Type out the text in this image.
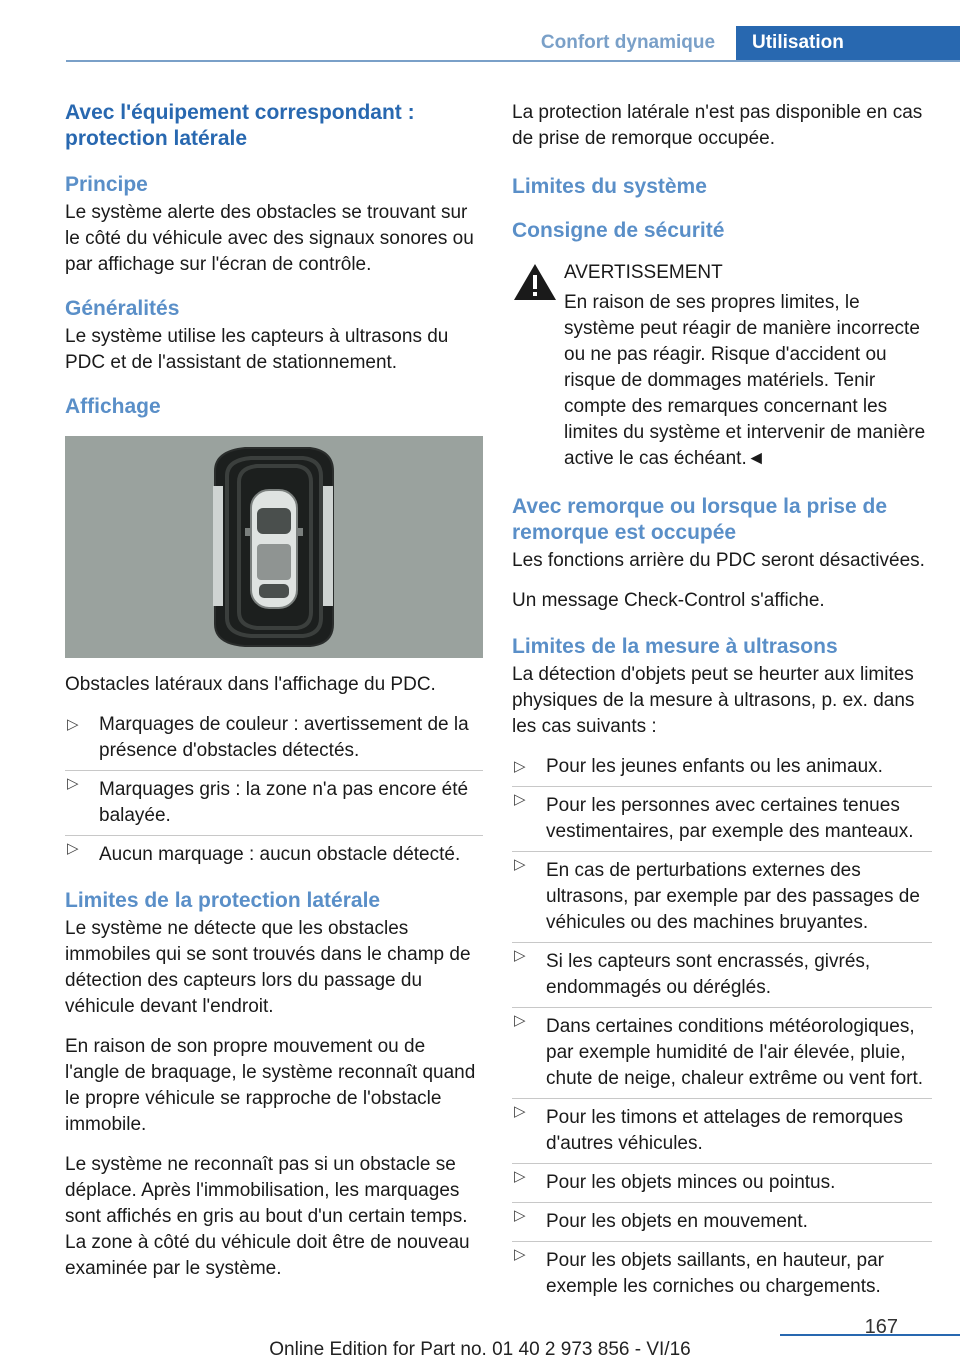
Confort dynamique	Utilisation
Avec l'équipement correspondant : protection latérale
Principe

Le système alerte des obstacles se trouvant sur le côté du véhicule avec des signaux sonores ou par affichage sur l'écran de contrôle.

Généralités

Le système utilise les capteurs à ultrasons du PDC et de l'assistant de stationnement.

Affichage

Obstacles latéraux dans l'affichage du PDC.

▷ Marquages de couleur : avertissement de la présence d'obstacles détectés.
▷ Marquages gris : la zone n'a pas encore été balayée.
▷ Aucun marquage : aucun obstacle détecté.
Limites de la protection latérale

Le système ne détecte que les obstacles immobiles qui se sont trouvés dans le champ de détection des capteurs lors du passage du véhicule devant l'endroit.

En raison de son propre mouvement ou de l'angle de braquage, le système reconnaît quand le propre véhicule se rapproche de l'obstacle immobile.

Le système ne reconnaît pas si un obstacle se déplace. Après l'immobilisation, les marquages sont affichés en gris au bout d'un certain temps. La zone à côté du véhicule doit être de nouveau examinée par le système.

La protection latérale n'est pas disponible en cas de prise de remorque occupée.

Limites du système
Consigne de sécurité
AVERTISSEMENT
En raison de ses propres limites, le système peut réagir de manière incorrecte ou ne pas réagir. Risque d'accident ou risque de dommages matériels. Tenir compte des remarques concernant les limites du système et intervenir de manière active le cas échéant.◄
Avec remorque ou lorsque la prise de remorque est occupée

Les fonctions arrière du PDC seront désactivées.

Un message Check-Control s'affiche.

Limites de la mesure à ultrasons

La détection d'objets peut se heurter aux limites physiques de la mesure à ultrasons, p. ex. dans les cas suivants :

▷ Pour les jeunes enfants ou les animaux.
▷ Pour les personnes avec certaines tenues vestimentaires, par exemple des manteaux.
▷ En cas de perturbations externes des ultrasons, par exemple par des passages de véhicules ou des machines bruyantes.
▷ Si les capteurs sont encrassés, givrés, endommagés ou déréglés.
▷ Dans certaines conditions météorologiques, par exemple humidité de l'air élevée, pluie, chute de neige, chaleur extrême ou vent fort.
▷ Pour les timons et attelages de remorques d'autres véhicules.
▷ Pour les objets minces ou pointus.
▷ Pour les objets en mouvement.
▷ Pour les objets saillants, en hauteur, par exemple les corniches ou chargements.
167
Online Edition for Part no. 01 40 2 973 856 - VI/16
